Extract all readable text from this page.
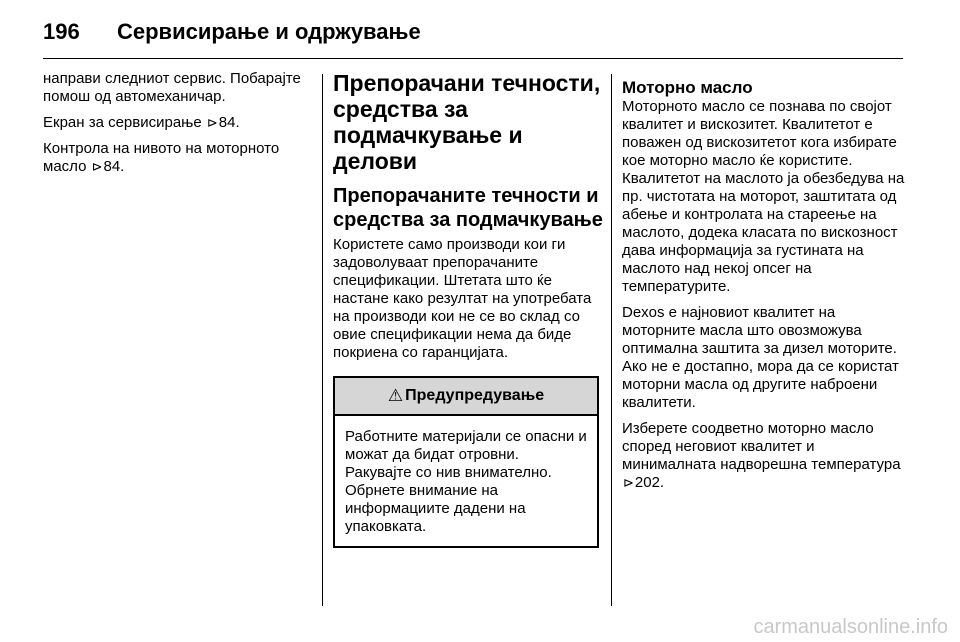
196	Сервисирање и одржување

направи следниот сервис. Побарајте помош од автомеханичар.

Екран за сервисирање ⊳84.

Контрола на нивото на моторното масло ⊳84.

Препорачани течности, средства за подмачкување и делови
Препорачаните течности и средства за подмачкување

Користете само производи кои ги задоволуваат препорачаните спецификации. Штетата што ќе настане како резултат на употребата на производи кои не се во склад со овие спецификации нема да биде покриена со гаранцијата.

⚠ Предупредување
Работните материјали се опасни и можат да бидат отровни. Ракувајте со нив внимателно. Обрнете внимание на информациите дадени на упаковката.
Моторно масло

Моторното масло се познава по својот квалитет и вискозитет. Квалитетот е поважен од вискозитетот кога избирате кое моторно масло ќе користите. Квалитетот на маслото ја обезбедува на пр. чистотата на моторот, заштитата од абење и контролата на стареење на маслото, додека класата по вискозност дава информација за густината на маслото над некој опсег на температурите.

Dexos е најновиот квалитет на моторните масла што овозможува оптимална заштита за дизел моторите. Ако не е достапно, мора да се користат моторни масла од другите наброени квалитети.

Изберете соодветно моторно масло според неговиот квалитет и минималната надворешна температура ⊳202.

carmanualsonline.info
